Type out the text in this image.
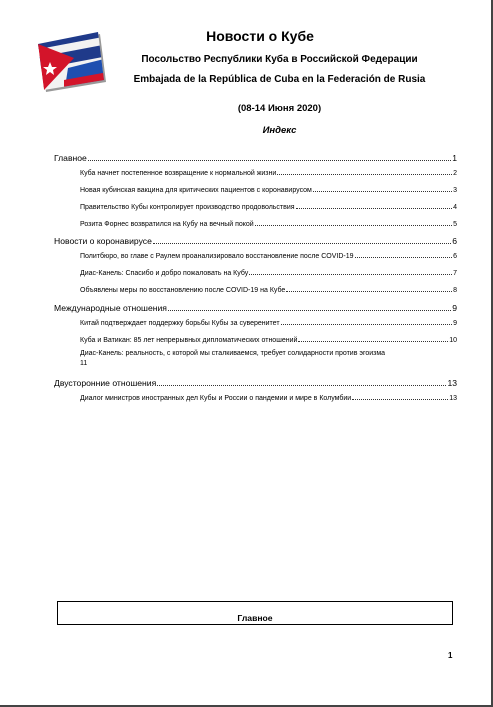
Новости о Кубе
Посольство Республики Куба в Российской Федерации
Embajada de la República de Cuba en la Federación de Rusia
(08-14 Июня 2020)
Индекс
Главное	1
Куба начнет постепенное возвращение к нормальной жизни	2
Новая кубинская вакцина для критических пациентов с коронавирусом	3
Правительство Кубы контролирует производство продовольствия	4
Розита Форнес возвратился на Кубу на вечный покой	5
Новости о коронавирусе	6
Политбюро, во главе с Раулем проанализировало восстановление после COVID-19	6
Диас-Канель: Спасибо и добро пожаловать на Кубу	7
Объявлены меры по восстановлению после COVID-19 на Кубе	8
Международные отношения	9
Китай подтверждает поддержку борьбы Кубы за суверенитет	9
Куба и Ватикан: 85 лет непрерывных дипломатических отношений	10
Диас-Канель: реальность, с которой мы сталкиваемся, требует солидарности против эгоизма
11
Двусторонние отношения	13
Диалог министров иностранных дел Кубы и России о пандемии и мире в Колумбии	13
Главное
1
